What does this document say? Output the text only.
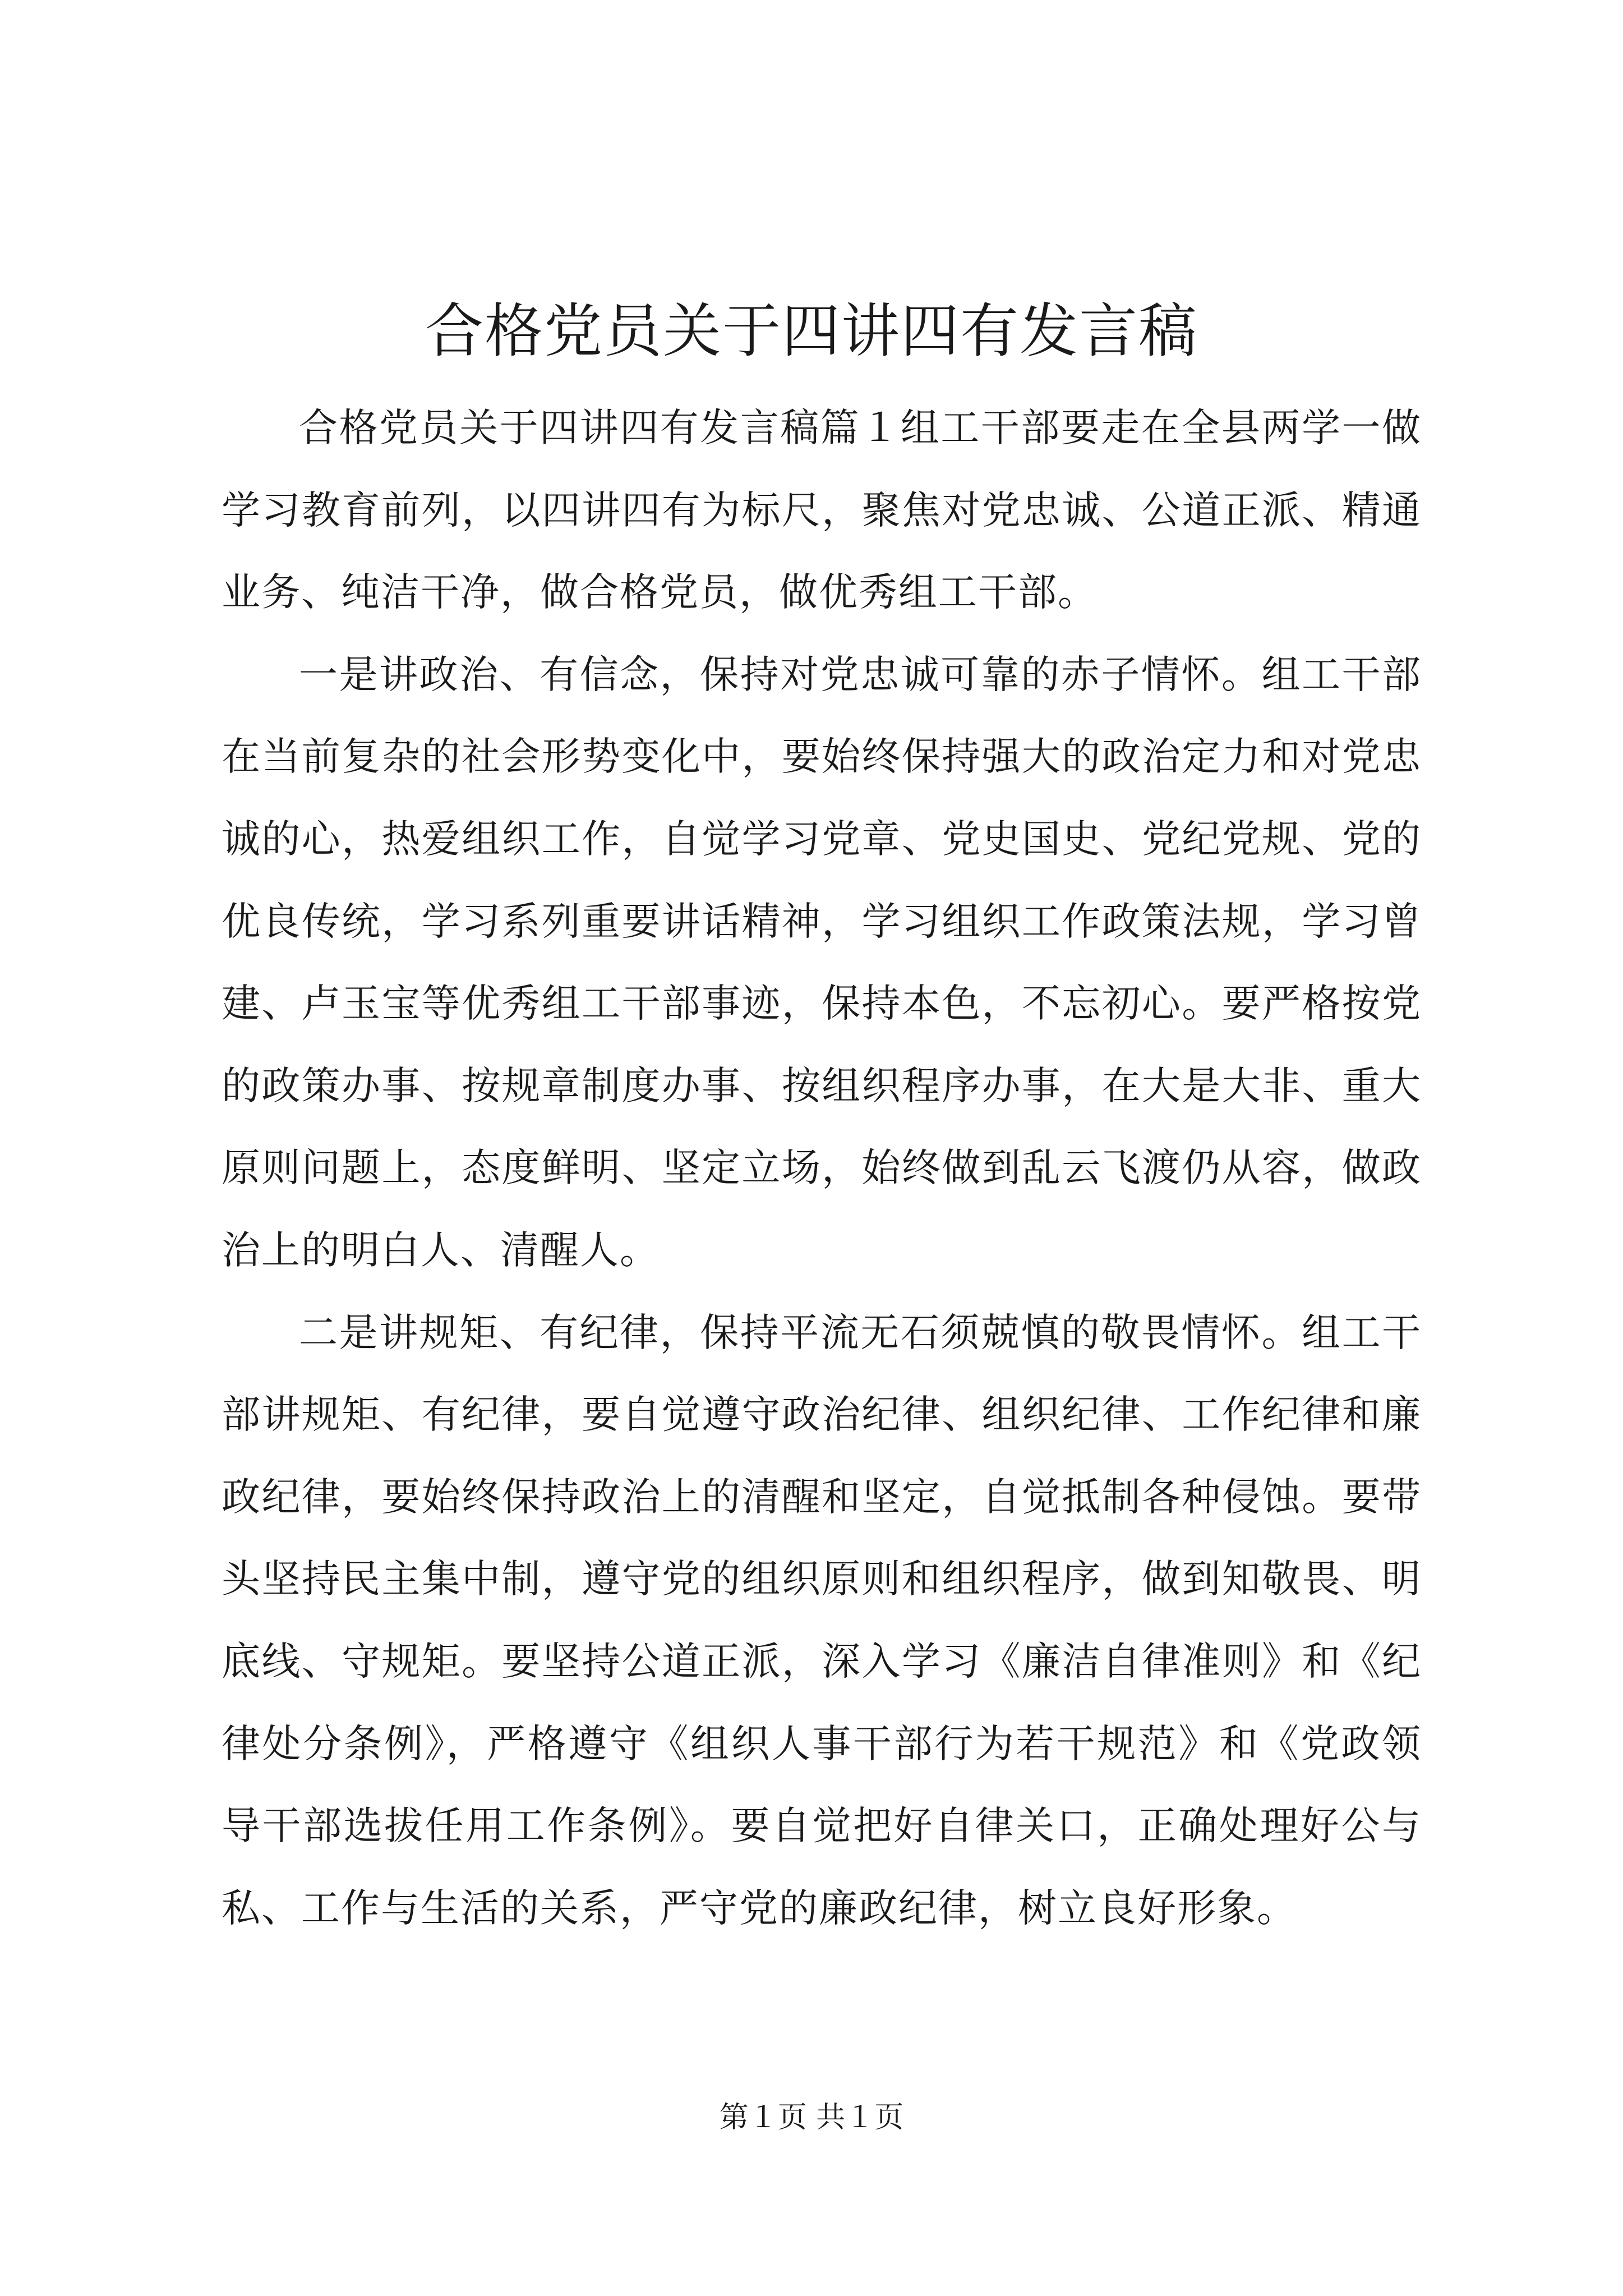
合格党员关于四讲四有发言稿

合格党员关于四讲四有发言稿篇１组工干部要走在全县两学一做学习教育前列，以四讲四有为标尺，聚焦对党忠诚、公道正派、精通业务、纯洁干净，做合格党员，做优秀组工干部。

一是讲政治、有信念，保持对党忠诚可靠的赤子情怀。组工干部在当前复杂的社会形势变化中，要始终保持强大的政治定力和对党忠诚的心，热爱组织工作，自觉学习党章、党史国史、党纪党规、党的优良传统，学习系列重要讲话精神，学习组织工作政策法规，学习曾建、卢玉宝等优秀组工干部事迹，保持本色，不忘初心。要严格按党的政策办事、按规章制度办事、按组织程序办事，在大是大非、重大原则问题上，态度鲜明、坚定立场，始终做到乱云飞渡仍从容，做政治上的明白人、清醒人。

二是讲规矩、有纪律，保持平流无石须兢慎的敬畏情怀。组工干部讲规矩、有纪律，要自觉遵守政治纪律、组织纪律、工作纪律和廉政纪律，要始终保持政治上的清醒和坚定，自觉抵制各种侵蚀。要带头坚持民主集中制，遵守党的组织原则和组织程序，做到知敬畏、明底线、守规矩。要坚持公道正派，深入学习《廉洁自律准则》和《纪律处分条例》，严格遵守《组织人事干部行为若干规范》和《党政领导干部选拔任用工作条例》。要自觉把好自律关口，正确处理好公与私、工作与生活的关系，严守党的廉政纪律，树立良好形象。

第１页 共１页
